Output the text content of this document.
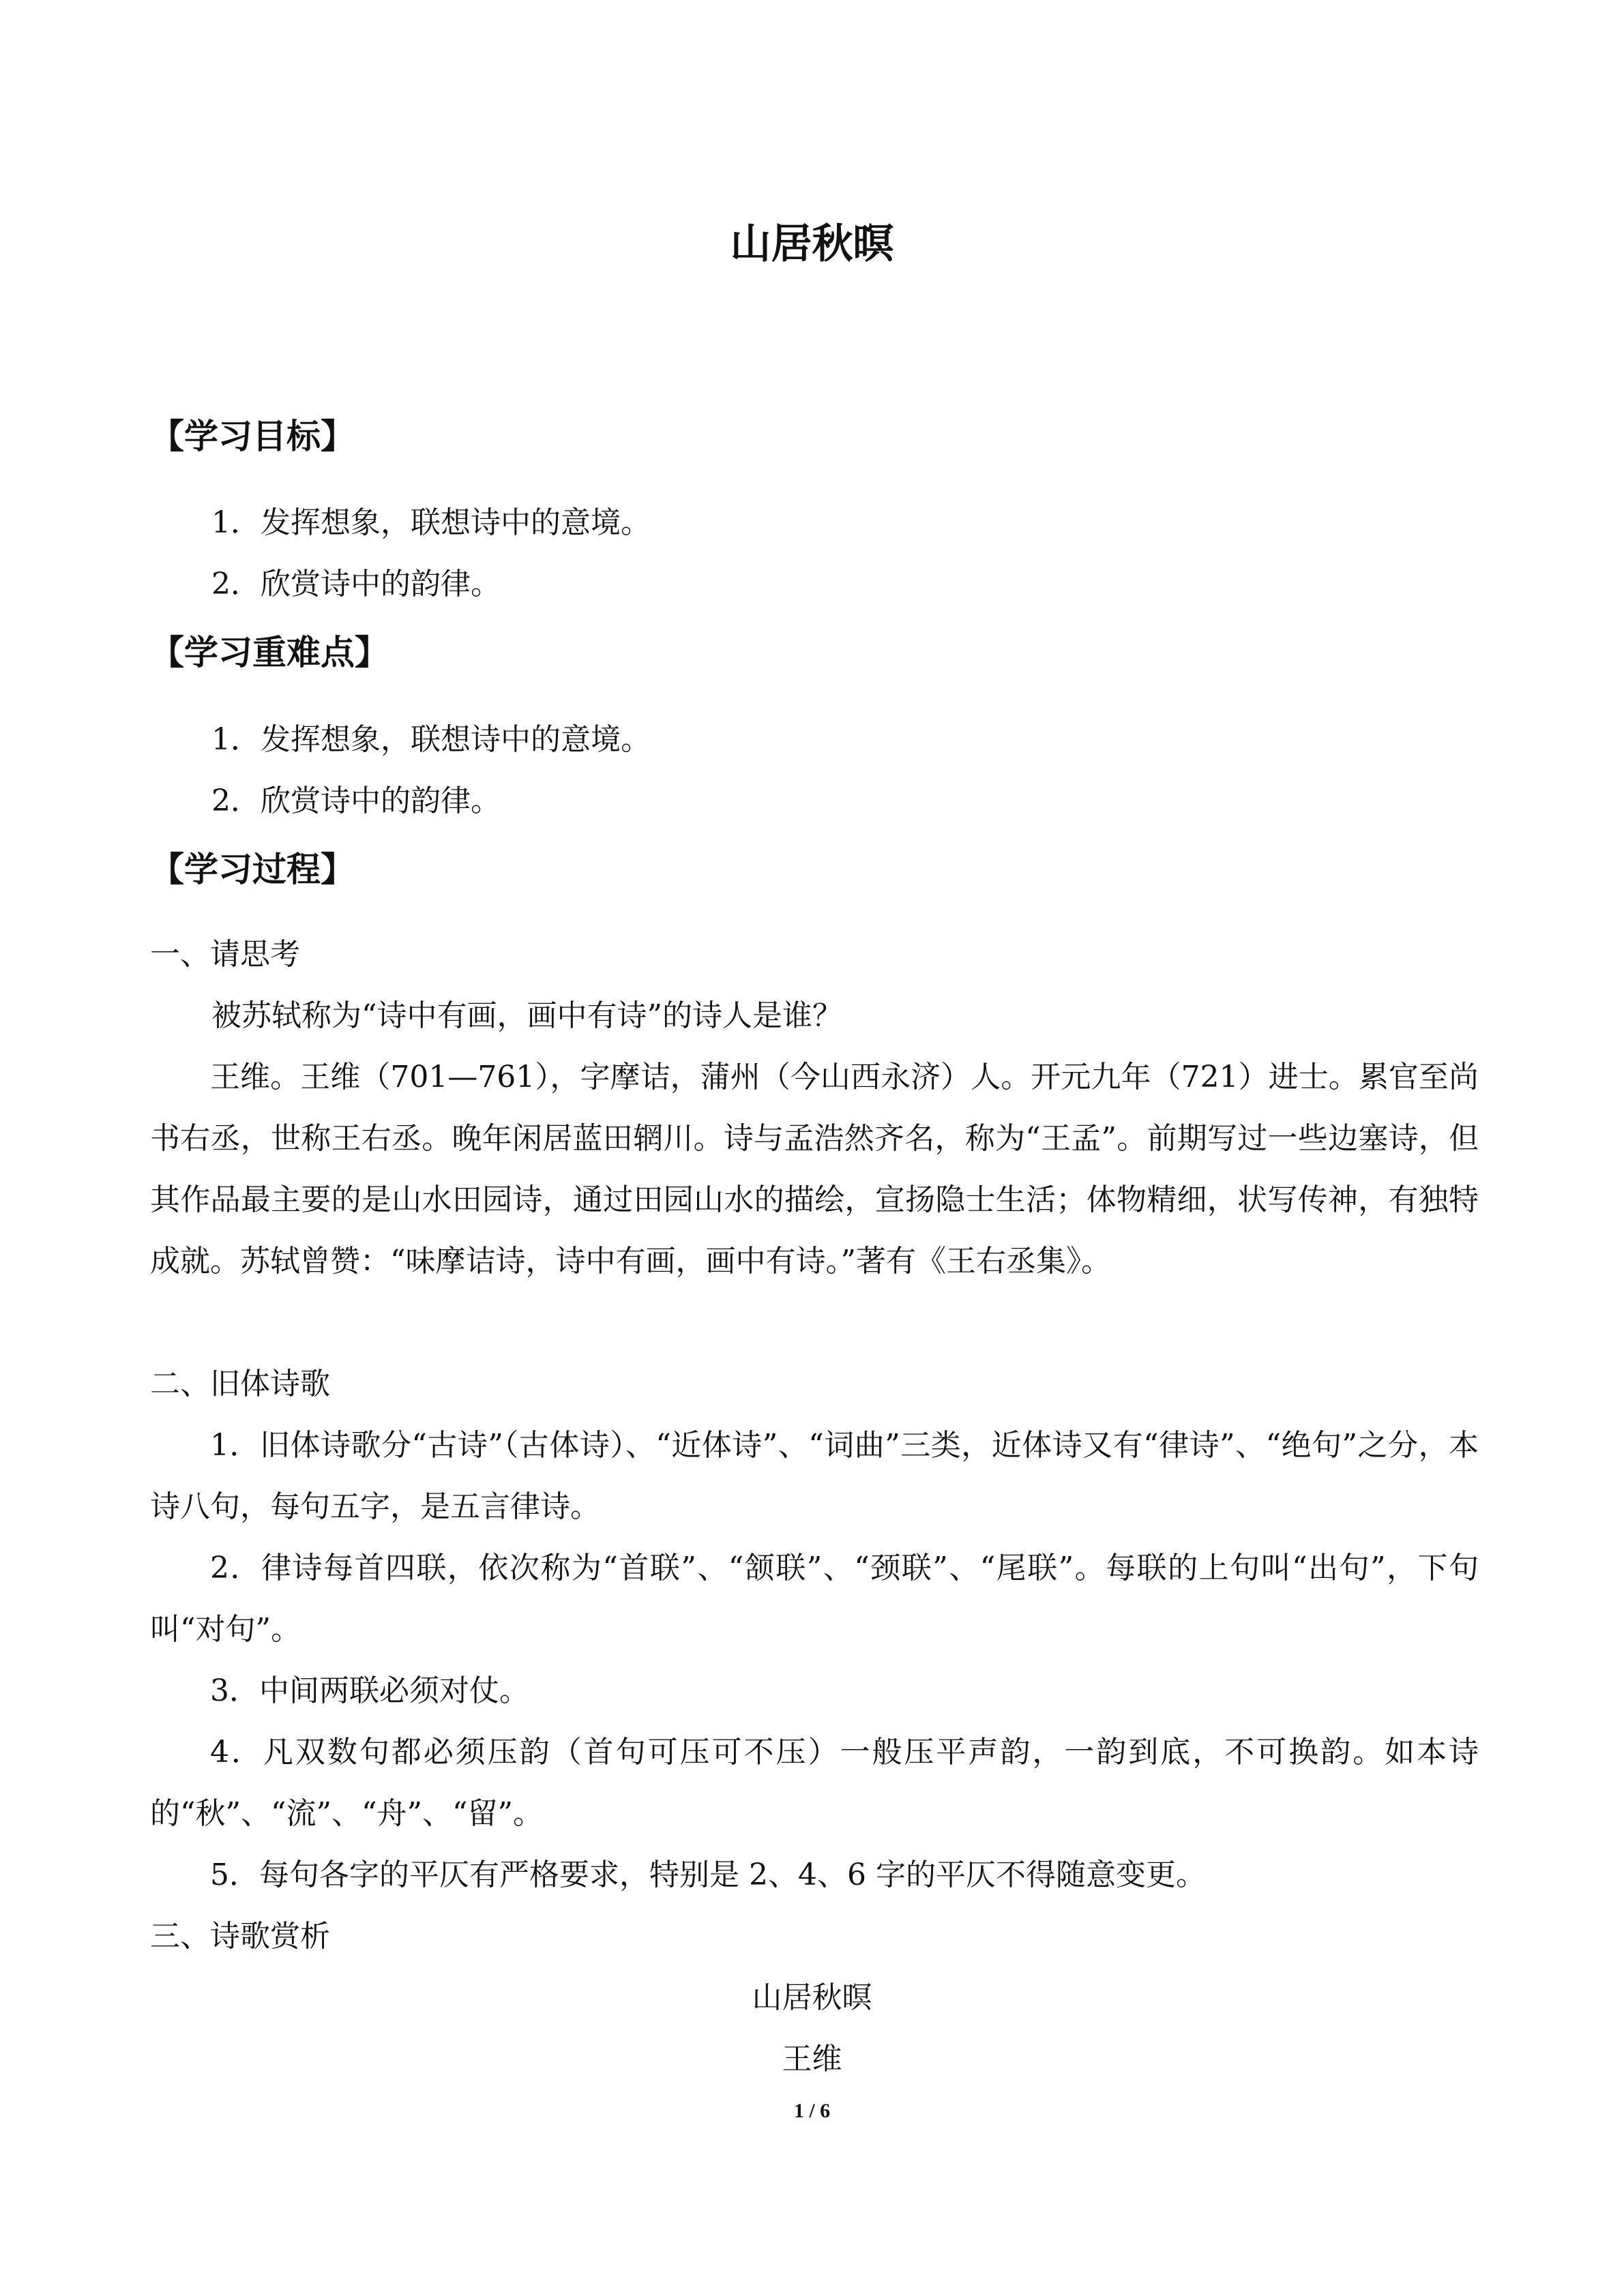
山居秋暝
【学习目标】
1．发挥想象，联想诗中的意境。
2．欣赏诗中的韵律。
【学习重难点】
1．发挥想象，联想诗中的意境。
2．欣赏诗中的韵律。
【学习过程】
一、请思考
被苏轼称为“诗中有画，画中有诗”的诗人是谁？
王维。王维（701—761），字摩诘，蒲州（今山西永济）人。开元九年（721）进士。累官至尚书右丞，世称王右丞。晚年闲居蓝田辋川。诗与孟浩然齐名，称为“王孟”。前期写过一些边塞诗，但其作品最主要的是山水田园诗，通过田园山水的描绘，宣扬隐士生活；体物精细，状写传神，有独特成就。苏轼曾赞：“味摩诘诗，诗中有画，画中有诗。”著有《王右丞集》。
二、旧体诗歌
1．旧体诗歌分“古诗”（古体诗）、“近体诗”、“词曲”三类，近体诗又有“律诗”、“绝句”之分，本诗八句，每句五字，是五言律诗。
2．律诗每首四联，依次称为“首联”、“颔联”、“颈联”、“尾联”。每联的上句叫“出句”，下句叫“对句”。
3．中间两联必须对仗。
4．凡双数句都必须压韵（首句可压可不压）一般压平声韵，一韵到底，不可换韵。如本诗的“秋”、“流”、“舟”、“留”。
5．每句各字的平仄有严格要求，特别是 2、4、6 字的平仄不得随意变更。
三、诗歌赏析
山居秋暝
王维
1 / 6
